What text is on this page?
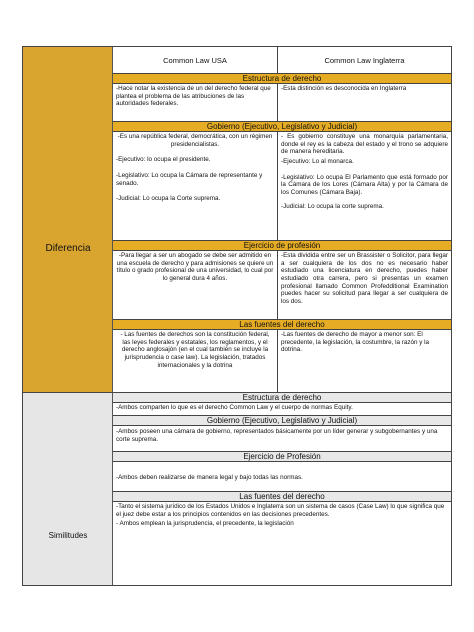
Diferencia
Similitudes
Common Law USA	Common Law Inglaterra
Estructura de derecho
-Hace notar la existencia de un del derecho federal que plantea el problema de las atribuciones de las autoridades federales.
-Esta distinción es desconocida en Inglaterra
Gobierno (Ejecutivo, Legislativo y Judicial)

-Es una república federal, democrática, con un régimen presidencialistas.

-Ejecutivo: lo ocupa el presidente.

-Legislativo: Lo ocupa la Cámara de representante y senado.

-Judicial: Lo ocupa la Corte suprema.

- Es gobierno constituye una monarquía parlamentaria, donde el rey es la cabeza del estado y el trono se adquiere de manera hereditaria.

-Ejecutivo: Lo al monarca.

-Legislativo: Lo ocupa El Parlamento que está formado por la Cámara de los Lores (Cámara Alta) y por la Cámara de los Comunes (Cámara Baja).

-Judicial: Lo ocupa la corte suprema.

Ejercicio de profesión
-Para llegar a ser un abogado se debe ser admitido en una escuela de derecho y para admisiones se quiere un título o grado profesional de una universidad, lo cual por lo general dura 4 años.
-Esta dividida entre ser un Brassister o Solicitor, para llegar a ser cualquiera de los dos no es necesario haber estudiado una licenciatura en derecho, puedes haber estudiado otra carrera, pero si presentas un examen profesional llamado Common Profedditional Examination puedes hacer su solicitud para llegar a ser cualquiera de los dos.
Las fuentes del derecho
- Las fuentes de derechos son la constitución federal, las leyes federales y estatales, los reglamentos, y el derecho anglosajón (en el cual también se incluye la jurisprudencia o case law). La legislación, tratados internacionales y la dotrina
-Las fuentes de derecho de mayor a menor son: El precedente, la legislación, la costumbre, la razón y la dotrina.
Estructura de derecho
-Ambos comparten lo que es el derecho Common Law y el cuerpo de normas Equity.
Gobierno (Ejecutivo, Legislativo y Judicial)
-Ambos poseen una cámara de gobierno, representados básicamente por un líder generar y subgobernantes y una corte suprema.
Ejercicio de Profesión
-Ambos deben realizarse de manera legal y bajo todas las normas.
Las fuentes del derecho

-Tanto el sistema jurídico de los Estados Unidos e Inglaterra son un sistema de casos (Case Law) lo que significa que el juez debe estar a los principios contenidos en las decisiones precedentes.

- Ambos emplean la jurisprudencia, el precedente, la legislación
